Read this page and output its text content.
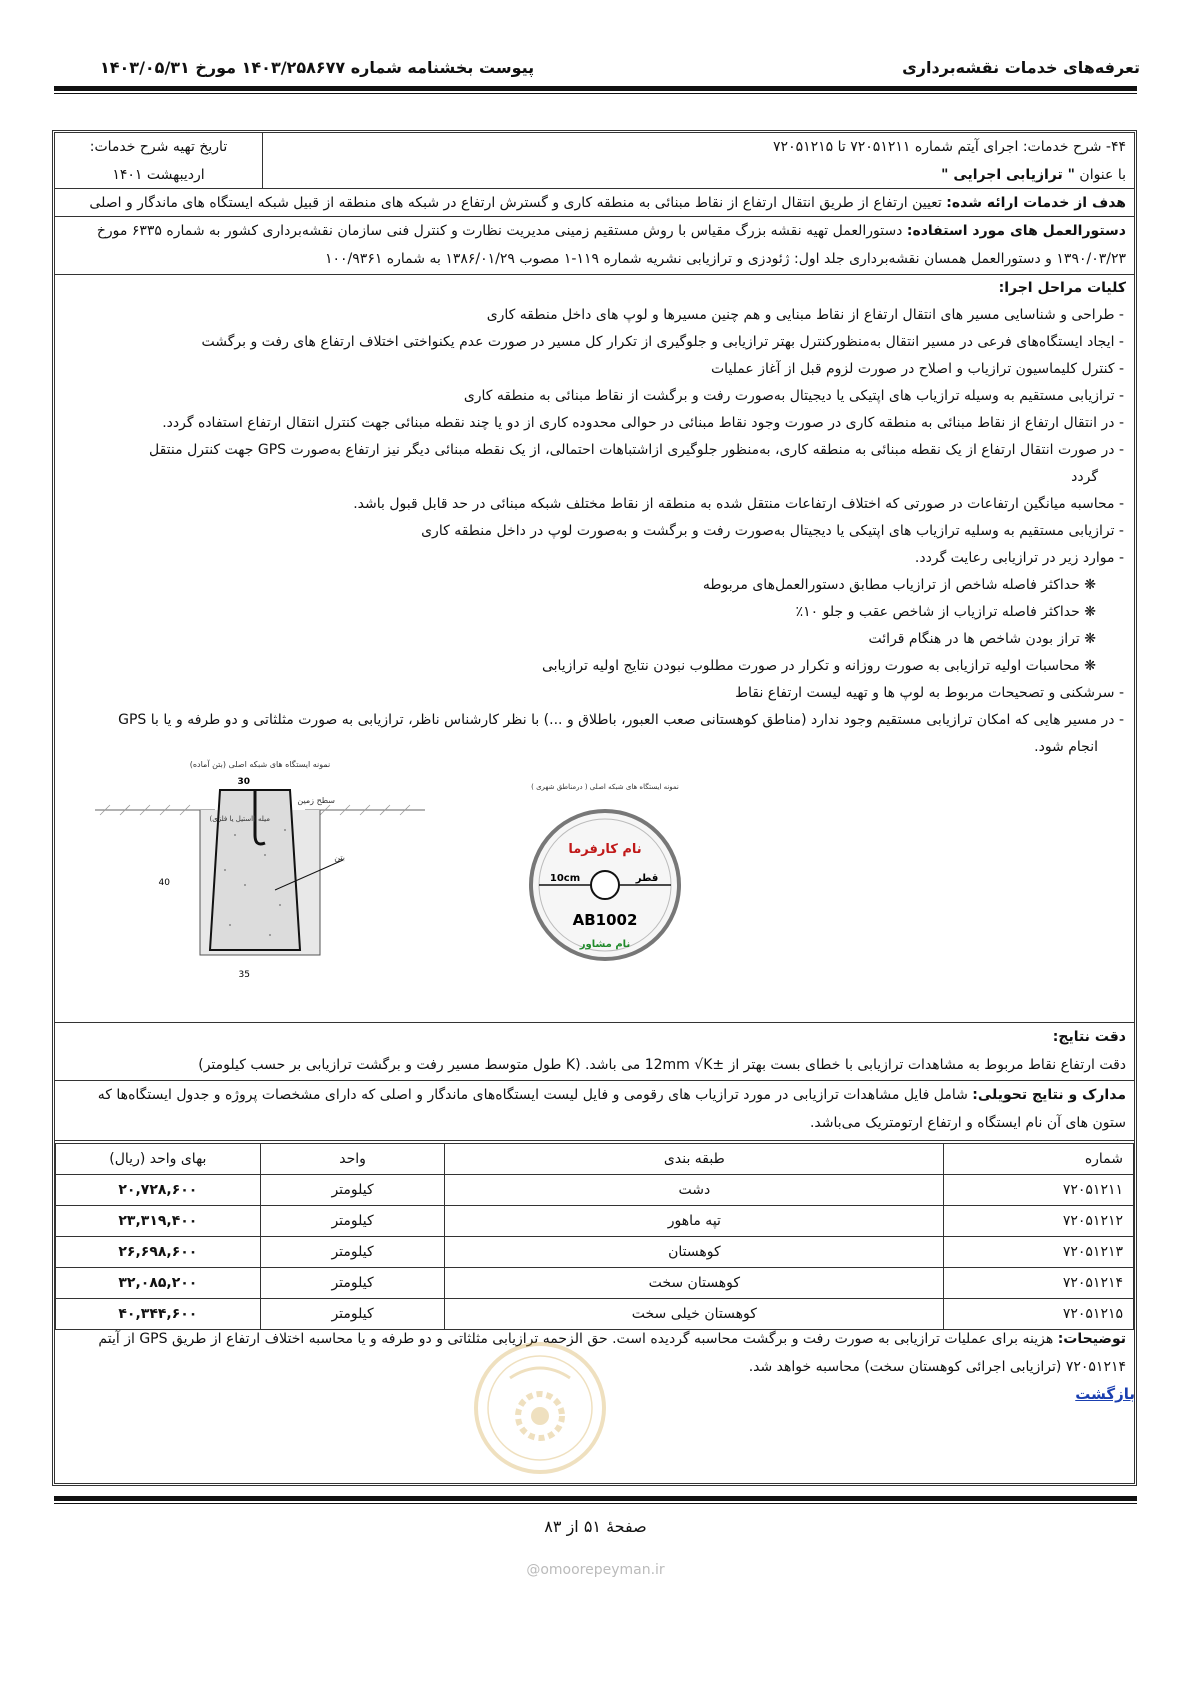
تعرفه‌های خدمات نقشه‌برداری
پیوست بخشنامه شماره ۱۴۰۳/۲۵۸۶۷۷ مورخ ۱۴۰۳/۰۵/۳۱
۴۴- شرح خدمات: اجرای آیتم شماره ۷۲۰۵۱۲۱۱ تا ۷۲۰۵۱۲۱۵
با عنوان " ترازیابی اجرایی "
تاریخ تهیه شرح خدمات:
اردیبهشت ۱۴۰۱
هدف از خدمات ارائه شده: تعیین ارتفاع از طریق انتقال ارتفاع از نقاط مبنائی به منطقه کاری و گسترش ارتفاع در شبکه های منطقه از قبیل شبکه ایستگاه های ماندگار و اصلی
دستورالعمل های مورد استفاده: دستورالعمل تهیه نقشه بزرگ مقیاس با روش مستقیم زمینی مدیریت نظارت و کنترل فنی سازمان نقشه‌برداری کشور به شماره ۶۳۳۵ مورخ
۱۳۹۰/۰۳/۲۳ و دستورالعمل همسان نقشه‌برداری جلد اول: ژئودزی و ترازیابی نشریه شماره ۱۱۹-۱ مصوب ۱۳۸۶/۰۱/۲۹ به شماره ۱۰۰/۹۳۶۱
کلیات مراحل اجرا:
- طراحی و شناسایی مسیر های انتقال ارتفاع از نقاط مبنایی و هم چنین مسیرها و لوپ های داخل منطقه کاری
- ایجاد ایستگاه‌های فرعی در مسیر انتقال به‌منظورکنترل بهتر ترازیابی و جلوگیری از تکرار کل مسیر در صورت عدم یکنواختی اختلاف ارتفاع های رفت و برگشت
- کنترل کلیماسیون ترازیاب و اصلاح در صورت لزوم قبل از آغاز عملیات
- ترازیابی مستقیم به وسیله ترازیاب های اپتیکی یا دیجیتال به‌صورت رفت و برگشت از نقاط مبنائی به منطقه کاری
- در انتقال ارتفاع از نقاط مبنائی به منطقه کاری در صورت وجود نقاط مبنائی در حوالی محدوده کاری از دو یا چند نقطه مبنائی جهت کنترل انتقال ارتفاع استفاده گردد.
- در صورت انتقال ارتفاع از یک نقطه مبنائی به منطقه کاری، به‌منظور جلوگیری ازاشتباهات احتمالی، از یک نقطه مبنائی دیگر نیز ارتفاع به‌صورت GPS جهت کنترل منتقل
گردد
- محاسبه میانگین ارتفاعات در صورتی که اختلاف ارتفاعات منتقل شده به منطقه از نقاط مختلف شبکه مبنائی در حد قابل قبول باشد.
- ترازیابی مستقیم به وسلیه ترازیاب های اپتیکی یا دیجیتال به‌صورت رفت و برگشت و به‌صورت لوپ در داخل منطقه کاری
- موارد زیر در ترازیابی رعایت گردد.
❋ حداکثر فاصله شاخص از ترازیاب مطابق دستورالعمل‌های مربوطه
❋ حداکثر فاصله ترازیاب از شاخص عقب و جلو ۱۰٪
❋ تراز بودن شاخص ها در هنگام قرائت
❋ محاسبات اولیه ترازیابی به صورت روزانه و تکرار در صورت مطلوب نبودن نتایج اولیه ترازیابی
- سرشکنی و تصحیحات مربوط به لوپ ها و تهیه لیست ارتفاع نقاط
- در مسیر هایی که امکان ترازیابی مستقیم وجود ندارد (مناطق کوهستانی صعب العبور، باطلاق و ...) با نظر کارشناس ناظر، ترازیابی به صورت مثلثاتی و دو طرفه و یا با GPS
انجام شود.
نمونه ایستگاه های شبکه اصلی (بتن آماده)
30
40
35
سطح زمین
میله (استیل یا فلزی)
بتن
نمونه ایستگاه های شبکه اصلی ( درمناطق شهری )
نام کارفرما
10cm	قطر
AB1002
نام مشاور
دقت نتایج:
دقت ارتفاع نقاط مربوط به مشاهدات ترازیابی با خطای بست بهتر از ±12mm √K می باشد. (K طول متوسط مسیر رفت و برگشت ترازیابی بر حسب کیلومتر)
مدارک و نتایج تحویلی: شامل فایل مشاهدات ترازیابی در مورد ترازیاب های رقومی و فایل لیست ایستگاه‌های ماندگار و اصلی که دارای مشخصات پروژه و جدول ایستگاه‌ها که
ستون های آن نام ایستگاه و ارتفاع ارتومتریک می‌باشد.
شماره	طبقه بندی	واحد	بهای واحد (ریال)
۷۲۰۵۱۲۱۱	دشت	کیلومتر	۲۰,۷۲۸,۶۰۰
۷۲۰۵۱۲۱۲	تپه ماهور	کیلومتر	۲۳,۳۱۹,۴۰۰
۷۲۰۵۱۲۱۳	کوهستان	کیلومتر	۲۶,۶۹۸,۶۰۰
۷۲۰۵۱۲۱۴	کوهستان سخت	کیلومتر	۳۲,۰۸۵,۲۰۰
۷۲۰۵۱۲۱۵	کوهستان خیلی سخت	کیلومتر	۴۰,۳۴۴,۶۰۰
توضیحات: هزینه برای عملیات ترازیابی به صورت رفت و برگشت محاسبه گردیده است. حق الزحمه ترازیابی مثلثاتی و دو طرفه و یا محاسبه اختلاف ارتفاع از طریق GPS از آیتم
۷۲۰۵۱۲۱۴ (ترازیابی اجرائی کوهستان سخت) محاسبه خواهد شد.
بازگشت
صفحهٔ ۵۱ از ۸۳
@omoorepeyman.ir
